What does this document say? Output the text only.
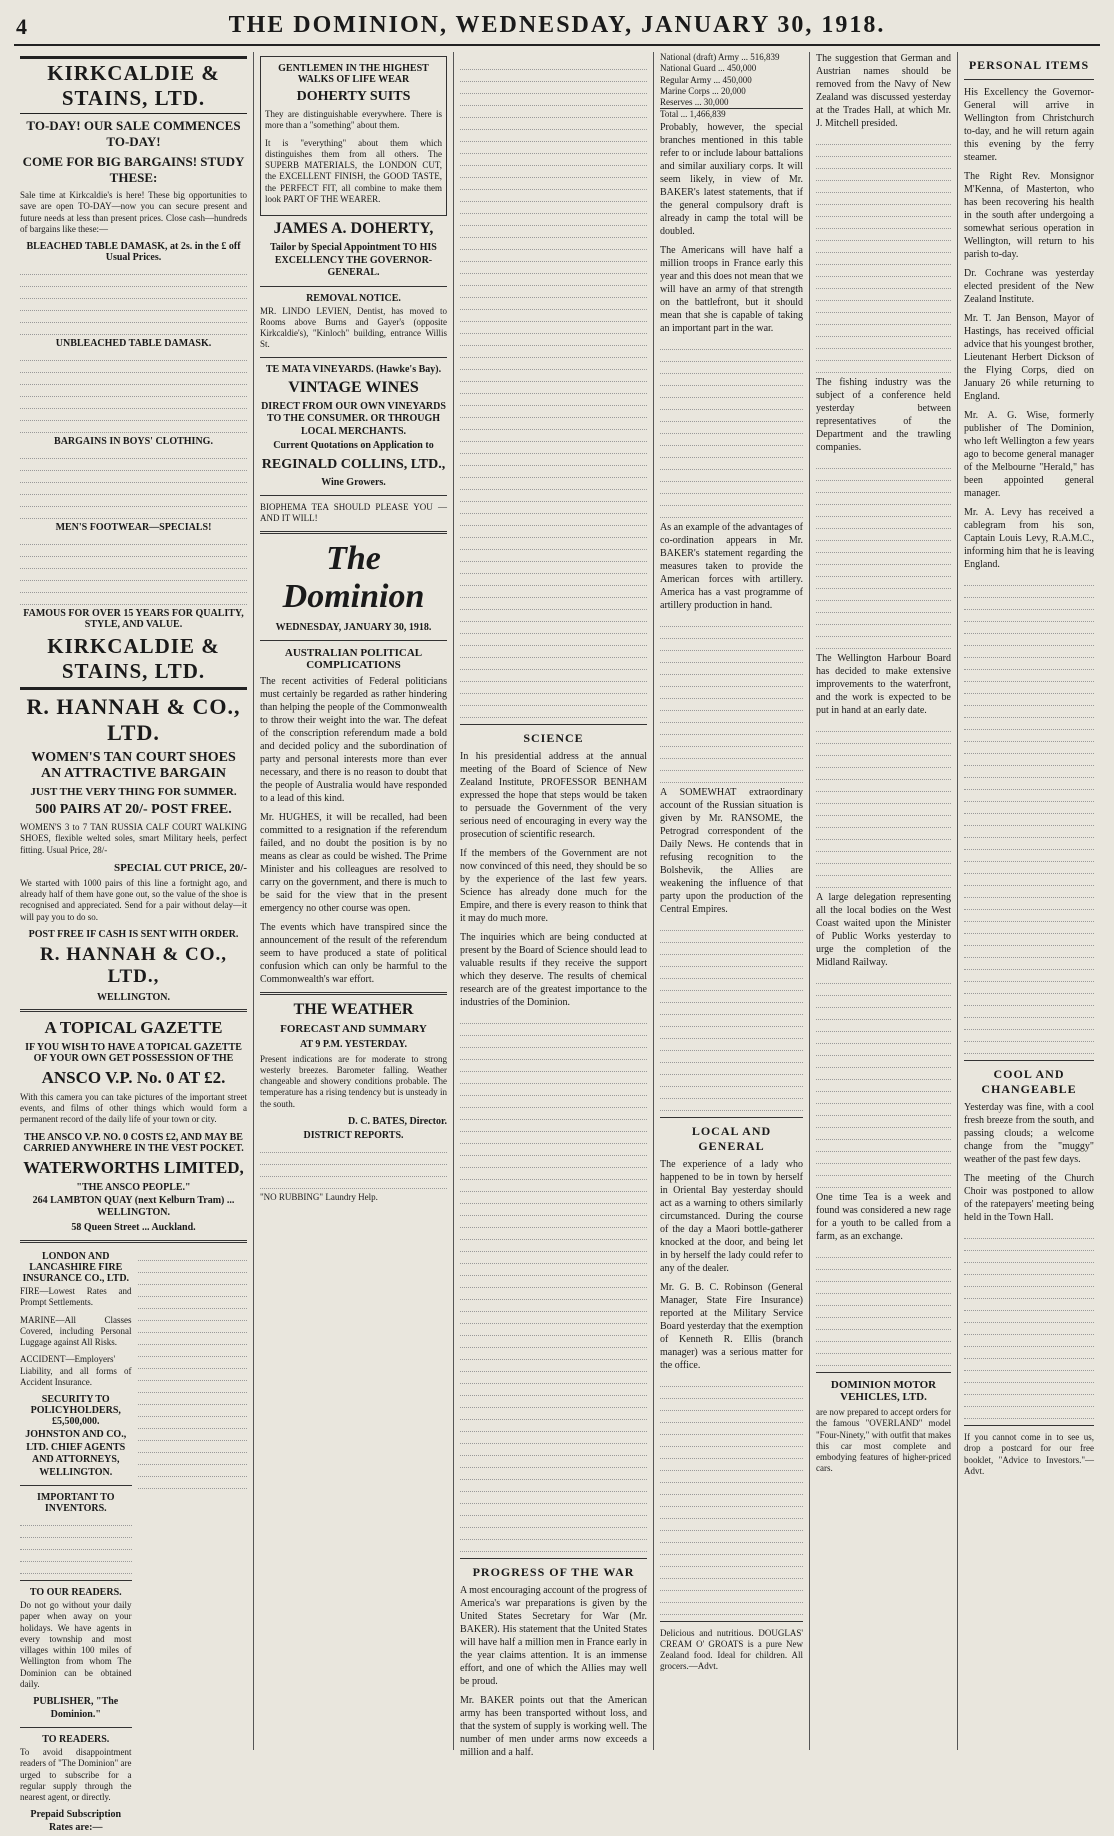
4	THE DOMINION, WEDNESDAY, JANUARY 30, 1918.
KIRKCALDIE & STAINS, LTD.
TO-DAY! OUR SALE COMMENCES TO-DAY!
COME FOR BIG BARGAINS! STUDY THESE:

Sale time at Kirkcaldie's is here! These big opportunities to save are open TO-DAY—now you can secure present and future needs at less than present prices. Close cash—hundreds of bargains like these:—

BLEACHED TABLE DAMASK, at 2s. in the £ off Usual Prices.
UNBLEACHED TABLE DAMASK.
BARGAINS IN BOYS' CLOTHING.
MEN'S FOOTWEAR—SPECIALS!
FAMOUS FOR OVER 15 YEARS FOR QUALITY, STYLE, AND VALUE.
KIRKCALDIE & STAINS, LTD.
R. HANNAH & CO., LTD.
WOMEN'S TAN COURT SHOES AN ATTRACTIVE BARGAIN
JUST THE VERY THING FOR SUMMER.
500 PAIRS AT 20/- POST FREE.

WOMEN'S 3 to 7 TAN RUSSIA CALF COURT WALKING SHOES, flexible welted soles, smart Military heels, perfect fitting. Usual Price, 28/-

SPECIAL CUT PRICE, 20/-

We started with 1000 pairs of this line a fortnight ago, and already half of them have gone out, so the value of the shoe is recognised and appreciated. Send for a pair without delay—it will pay you to do so.

POST FREE IF CASH IS SENT WITH ORDER.
R. HANNAH & CO., LTD.,
WELLINGTON.
A TOPICAL GAZETTE
IF YOU WISH TO HAVE A TOPICAL GAZETTE OF YOUR OWN GET POSSESSION OF THE
ANSCO V.P. No. 0 AT £2.

With this camera you can take pictures of the important street events, and films of other things which would form a permanent record of the daily life of your town or city.

THE ANSCO V.P. NO. 0 COSTS £2, AND MAY BE CARRIED ANYWHERE IN THE VEST POCKET.
WATERWORTHS LIMITED,
"THE ANSCO PEOPLE."
264 LAMBTON QUAY (next Kelburn Tram) ... WELLINGTON.
58 Queen Street ... Auckland.
LONDON AND LANCASHIRE FIRE INSURANCE CO., LTD.

FIRE—Lowest Rates and Prompt Settlements.

MARINE—All Classes Covered, including Personal Luggage against All Risks.

ACCIDENT—Employers' Liability, and all forms of Accident Insurance.

SECURITY TO POLICYHOLDERS, £5,500,000.
JOHNSTON AND CO., LTD. CHIEF AGENTS AND ATTORNEYS, WELLINGTON.
IMPORTANT TO INVENTORS.
TO OUR READERS.

Do not go without your daily paper when away on your holidays. We have agents in every township and most villages within 100 miles of Wellington from whom The Dominion can be obtained daily.

PUBLISHER, "The Dominion."
TO READERS.

To avoid disappointment readers of "The Dominion" are urged to subscribe for a regular supply through the nearest agent, or directly.

Prepaid Subscription Rates are:—
GENTLEMEN IN THE HIGHEST WALKS OF LIFE WEAR
DOHERTY SUITS

They are distinguishable everywhere. There is more than a "something" about them.

It is "everything" about them which distinguishes them from all others. The SUPERB MATERIALS, the LONDON CUT, the EXCELLENT FINISH, the GOOD TASTE, the PERFECT FIT, all combine to make them look PART OF THE WEARER.

JAMES A. DOHERTY,
Tailor by Special Appointment TO HIS EXCELLENCY THE GOVERNOR-GENERAL.
REMOVAL NOTICE.

MR. LINDO LEVIEN, Dentist, has moved to Rooms above Burns and Gayer's (opposite Kirkcaldie's), "Kinloch" building, entrance Willis St.

TE MATA VINEYARDS. (Hawke's Bay).
VINTAGE WINES
DIRECT FROM OUR OWN VINEYARDS TO THE CONSUMER. OR THROUGH LOCAL MERCHANTS.
Current Quotations on Application to
REGINALD COLLINS, LTD.,
Wine Growers.

BIOPHEMA TEA SHOULD PLEASE YOU —AND IT WILL!

The Dominion
WEDNESDAY, JANUARY 30, 1918.
AUSTRALIAN POLITICAL COMPLICATIONS

The recent activities of Federal politicians must certainly be regarded as rather hindering than helping the people of the Commonwealth to throw their weight into the war. The defeat of the conscription referendum made a bold and decided policy and the subordination of party and personal interests more than ever necessary, and there is no reason to doubt that the people of Australia would have responded to a lead of this kind.

Mr. HUGHES, it will be recalled, had been committed to a resignation if the referendum failed, and no doubt the position is by no means as clear as could be wished. The Prime Minister and his colleagues are resolved to carry on the government, and there is much to be said for the view that in the present emergency no other course was open.

The events which have transpired since the announcement of the result of the referendum seem to have produced a state of political confusion which can only be harmful to the Commonwealth's war effort.

THE WEATHER
FORECAST AND SUMMARY
AT 9 P.M. YESTERDAY.

Present indications are for moderate to strong westerly breezes. Barometer falling. Weather changeable and showery conditions probable. The temperature has a rising tendency but is unsteady in the south.

D. C. BATES, Director.
DISTRICT REPORTS.

"NO RUBBING" Laundry Help.

SCIENCE

In his presidential address at the annual meeting of the Board of Science of New Zealand Institute, PROFESSOR BENHAM expressed the hope that steps would be taken to persuade the Government of the very serious need of encouraging in every way the prosecution of scientific research.

If the members of the Government are not now convinced of this need, they should be so by the experience of the last few years. Science has already done much for the Empire, and there is every reason to think that it may do much more.

The inquiries which are being conducted at present by the Board of Science should lead to valuable results if they receive the support which they deserve. The results of chemical research are of the greatest importance to the industries of the Dominion.

PROGRESS OF THE WAR

A most encouraging account of the progress of America's war preparations is given by the United States Secretary for War (Mr. BAKER). His statement that the United States will have half a million men in France early in the year claims attention. It is an immense effort, and one of which the Allies may well be proud.

Mr. BAKER points out that the American army has been transported without loss, and that the system of supply is working well. The number of men under arms now exceeds a million and a half.

National (draft) Army ... 516,839
National Guard ... 450,000
Regular Army ... 450,000
Marine Corps ... 20,000
Reserves ... 30,000
Total ... 1,466,839

Probably, however, the special branches mentioned in this table refer to or include labour battalions and similar auxiliary corps. It will seem likely, in view of Mr. BAKER's latest statements, that if the general compulsory draft is already in camp the total will be doubled.

The Americans will have half a million troops in France early this year and this does not mean that we will have an army of that strength on the battlefront, but it should mean that she is capable of taking an important part in the war.

As an example of the advantages of co-ordination appears in Mr. BAKER's statement regarding the measures taken to provide the American forces with artillery. America has a vast programme of artillery production in hand.

A SOMEWHAT extraordinary account of the Russian situation is given by Mr. RANSOME, the Petrograd correspondent of the Daily News. He contends that in refusing recognition to the Bolshevik, the Allies are weakening the influence of that party upon the production of the Central Empires.

LOCAL AND GENERAL

The experience of a lady who happened to be in town by herself in Oriental Bay yesterday should act as a warning to others similarly circumstanced. During the course of the day a Maori bottle-gatherer knocked at the door, and being let in by herself the lady could refer to any of the dealer.

Mr. G. B. C. Robinson (General Manager, State Fire Insurance) reported at the Military Service Board yesterday that the exemption of Kenneth R. Ellis (branch manager) was a serious matter for the office.

Delicious and nutritious. DOUGLAS' CREAM O' GROATS is a pure New Zealand food. Ideal for children. All grocers.—Advt.

The suggestion that German and Austrian names should be removed from the Navy of New Zealand was discussed yesterday at the Trades Hall, at which Mr. J. Mitchell presided.

The fishing industry was the subject of a conference held yesterday between representatives of the Department and the trawling companies.

The Wellington Harbour Board has decided to make extensive improvements to the waterfront, and the work is expected to be put in hand at an early date.

A large delegation representing all the local bodies on the West Coast waited upon the Minister of Public Works yesterday to urge the completion of the Midland Railway.

One time Tea is a week and found was considered a new rage for a youth to be called from a farm, as an exchange.

DOMINION MOTOR VEHICLES, LTD.

are now prepared to accept orders for the famous "OVERLAND" model "Four-Ninety," with outfit that makes this car most complete and embodying features of higher-priced cars.

PERSONAL ITEMS

His Excellency the Governor-General will arrive in Wellington from Christchurch to-day, and he will return again this evening by the ferry steamer.

The Right Rev. Monsignor M'Kenna, of Masterton, who has been recovering his health in the south after undergoing a somewhat serious operation in Wellington, will return to his parish to-day.

Dr. Cochrane was yesterday elected president of the New Zealand Institute.

Mr. T. Jan Benson, Mayor of Hastings, has received official advice that his youngest brother, Lieutenant Herbert Dickson of the Flying Corps, died on January 26 while returning to England.

Mr. A. G. Wise, formerly publisher of The Dominion, who left Wellington a few years ago to become general manager of the Melbourne "Herald," has been appointed general manager.

Mr. A. Levy has received a cablegram from his son, Captain Louis Levy, R.A.M.C., informing him that he is leaving England.

COOL AND CHANGEABLE

Yesterday was fine, with a cool fresh breeze from the south, and passing clouds; a welcome change from the "muggy" weather of the past few days.

The meeting of the Church Choir was postponed to allow of the ratepayers' meeting being held in the Town Hall.

If you cannot come in to see us, drop a postcard for our free booklet, "Advice to Investors."—Advt.
